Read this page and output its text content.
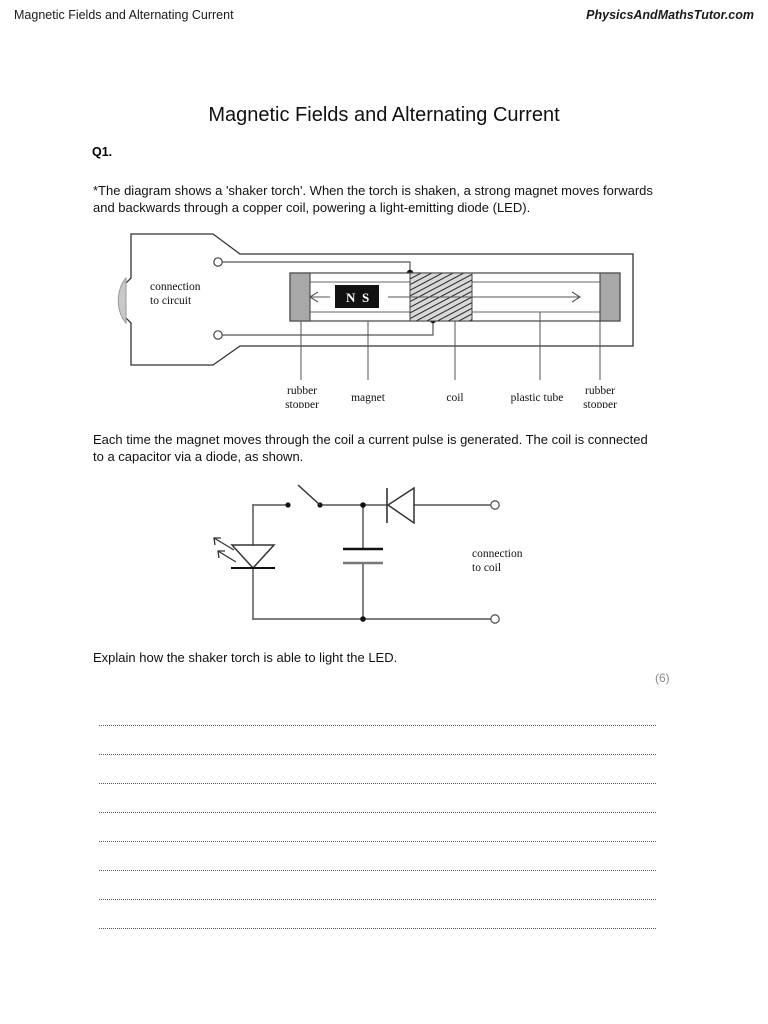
Magnetic Fields and Alternating Current	PhysicsAndMathsTutor.com
Magnetic Fields and Alternating Current
Q1.
*The diagram shows a 'shaker torch'. When the torch is shaken, a strong magnet moves forwards and backwards through a copper coil, powering a light-emitting diode (LED).
connection
to circuit	N S
rubber
stopper
magnet	coil	plastic tube
rubber
stopper
Each time the magnet moves through the coil a current pulse is generated. The coil is connected to a capacitor via a diode, as shown.
connection
to coil
Explain how the shaker torch is able to light the LED.
(6)
